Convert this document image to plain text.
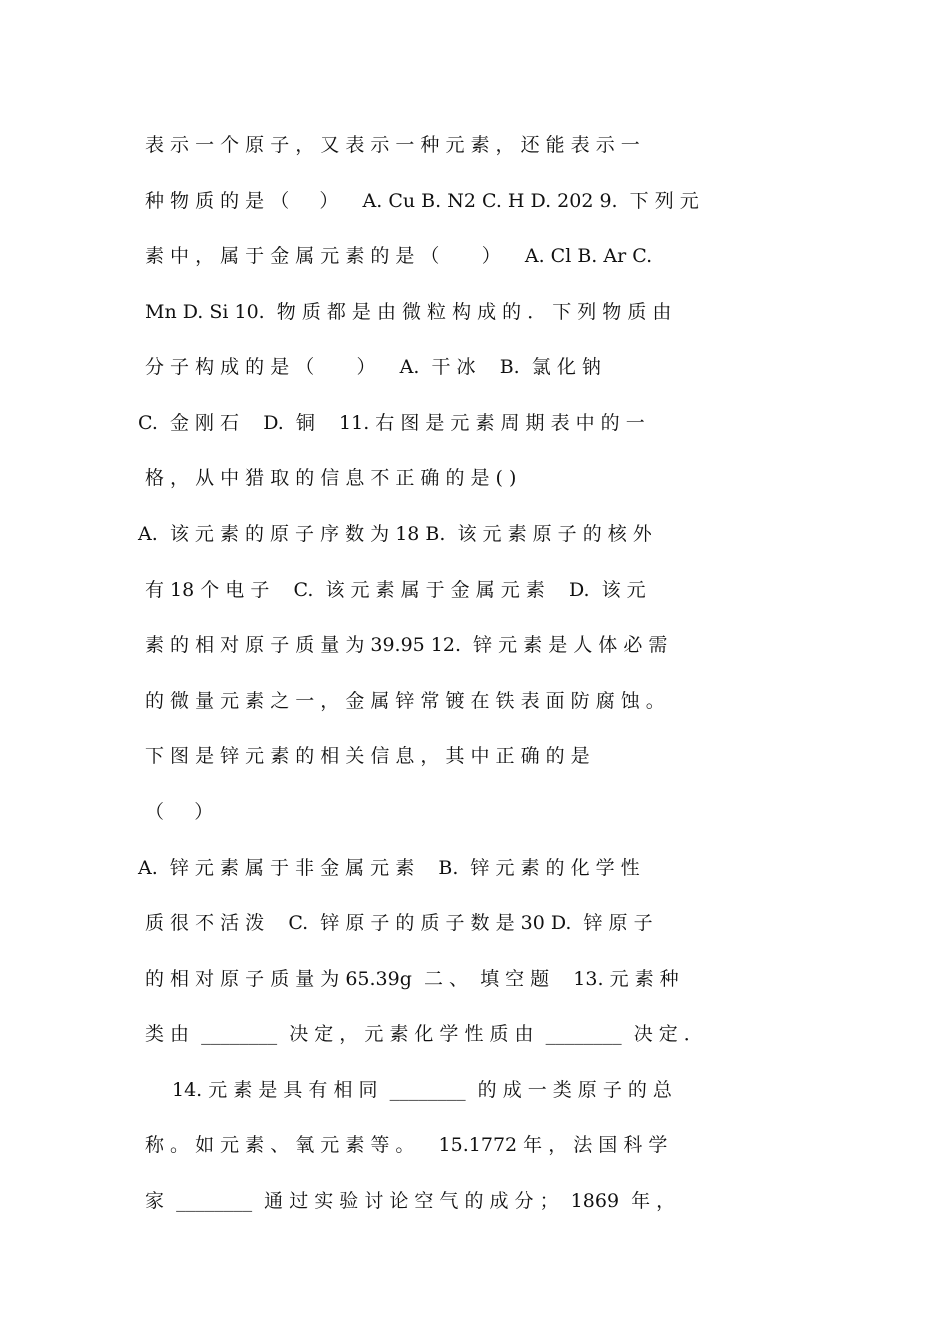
表 示 一 个 原 子 ， 又 表 示 一 种 元 素 ， 还 能 表 示 一

种 物 质 的 是 （     ）    A. Cu B. N2 C. H D. 202 9.  下 列 元

素 中 ， 属 于 金 属 元 素 的 是 （       ）    A. Cl B. Ar C.

Mn D. Si 10.  物 质 都 是 由 微 粒 构 成 的 ． 下 列 物 质 由

分 子 构 成 的 是 （       ）    A.  干 冰    B.  氯 化 钠

C.  金 刚 石    D.  铜    11. 右 图 是 元 素 周 期 表 中 的 一

格 ， 从 中 猎 取 的 信 息 不 正 确 的 是 ( )

A.  该 元 素 的 原 子 序 数 为 18 B.  该 元 素 原 子 的 核 外

有 18 个 电 子    C.  该 元 素 属 于 金 属 元 素    D.  该 元

素 的 相 对 原 子 质 量 为 39.95 12.  锌 元 素 是 人 体 必 需

的 微 量 元 素 之 一 ， 金 属 锌 常 镀 在 铁 表 面 防 腐 蚀 。

下 图 是 锌 元 素 的 相 关 信 息 ， 其 中 正 确 的 是

（     ）

A.  锌 元 素 属 于 非 金 属 元 素    B.  锌 元 素 的 化 学 性

质 很 不 活 泼    C.  锌 原 子 的 质 子 数 是 30 D.  锌 原 子

的 相 对 原 子 质 量 为 65.39g  二 、  填 空 题    13. 元 素 种

类 由  ________  决 定 ， 元 素 化 学 性 质 由  ________  决 定 ．

14. 元 素 是 具 有 相 同  ________  的 成 一 类 原 子 的 总

称 。 如 元 素 、 氧 元 素 等 。    15.1772 年 ， 法 国 科 学

家  ________  通 过 实 验 讨 论 空 气 的 成 分 ；  1869  年 ，
